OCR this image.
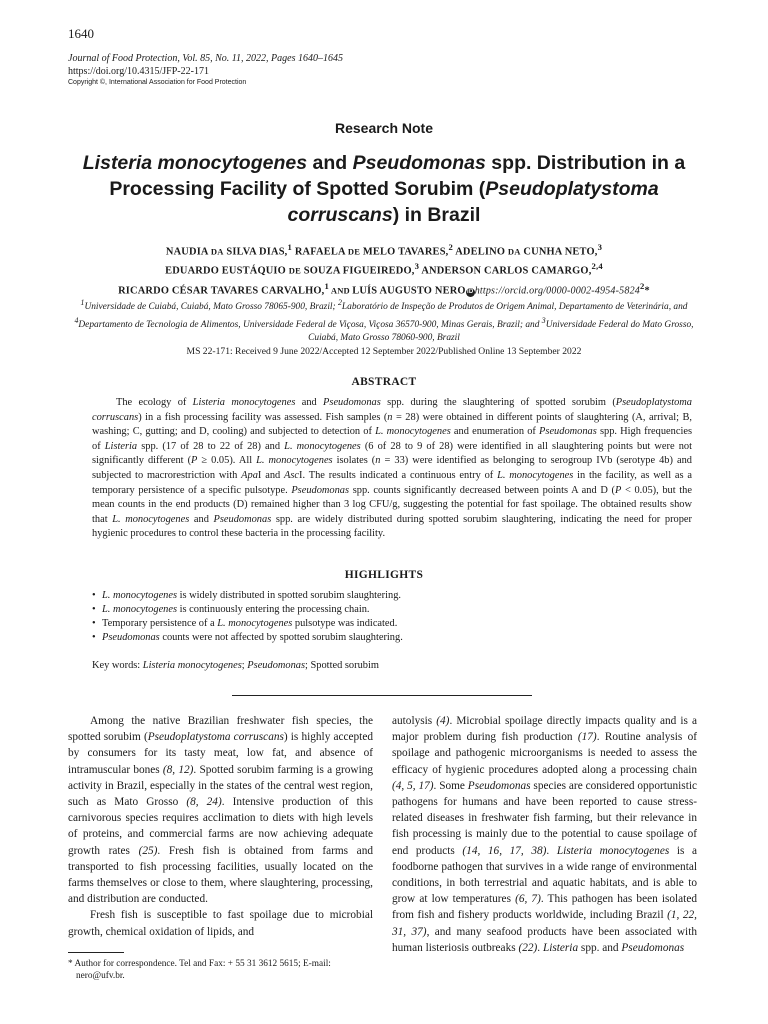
1640
Journal of Food Protection, Vol. 85, No. 11, 2022, Pages 1640–1645
https://doi.org/10.4315/JFP-22-171
Copyright ©, International Association for Food Protection
Research Note
Listeria monocytogenes and Pseudomonas spp. Distribution in a Processing Facility of Spotted Sorubim (Pseudoplatystoma corruscans) in Brazil
NAUDIA DA SILVA DIAS,$^1$ RAFAELA DE MELO TAVARES,$^2$ ADELINO DA CUNHA NETO,$^3$
EDUARDO EUSTÁQUIO DE SOUZA FIGUEIREDO,$^3$ ANDERSON CARLOS CAMARGO,$^{2,4}$
RICARDO CÉSAR TAVARES CARVALHO,$^1$ AND LUÍS AUGUSTO NEROiDhttps://orcid.org/0000-0002-4954-5824$^2$*
$^1$Universidade de Cuiabá, Cuiabá, Mato Grosso 78065-900, Brazil; $^2$Laboratório de Inspeção de Produtos de Origem Animal, Departamento de Veterinária, and $^4$Departamento de Tecnologia de Alimentos, Universidade Federal de Viçosa, Viçosa 36570-900, Minas Gerais, Brazil; and $^3$Universidade Federal do Mato Grosso, Cuiabá, Mato Grosso 78060-900, Brazil
MS 22-171: Received 9 June 2022/Accepted 12 September 2022/Published Online 13 September 2022
ABSTRACT

The ecology of Listeria monocytogenes and Pseudomonas spp. during the slaughtering of spotted sorubim (Pseudoplatystoma corruscans) in a fish processing facility was assessed. Fish samples (n = 28) were obtained in different points of slaughtering (A, arrival; B, washing; C, gutting; and D, cooling) and subjected to detection of L. monocytogenes and enumeration of Pseudomonas spp. High frequencies of Listeria spp. (17 of 28 to 22 of 28) and L. monocytogenes (6 of 28 to 9 of 28) were identified in all slaughtering points but were not significantly different (P ≥ 0.05). All L. monocytogenes isolates (n = 33) were identified as belonging to serogroup IVb (serotype 4b) and subjected to macrorestriction with ApaI and AscI. The results indicated a continuous entry of L. monocytogenes in the facility, as well as a temporary persistence of a specific pulsotype. Pseudomonas spp. counts significantly decreased between points A and D (P < 0.05), but the mean counts in the end products (D) remained higher than 3 log CFU/g, suggesting the potential for fast spoilage. The obtained results show that L. monocytogenes and Pseudomonas spp. are widely distributed during spotted sorubim slaughtering, indicating the need for proper hygienic procedures to control these bacteria in the processing facility.

HIGHLIGHTS
• L. monocytogenes is widely distributed in spotted sorubim slaughtering.
• L. monocytogenes is continuously entering the processing chain.
• Temporary persistence of a L. monocytogenes pulsotype was indicated.
• Pseudomonas counts were not affected by spotted sorubim slaughtering.
Key words: Listeria monocytogenes; Pseudomonas; Spotted sorubim

Among the native Brazilian freshwater fish species, the spotted sorubim (Pseudoplatystoma corruscans) is highly accepted by consumers for its tasty meat, low fat, and absence of intramuscular bones (8, 12). Spotted sorubim farming is a growing activity in Brazil, especially in the states of the central west region, such as Mato Grosso (8, 24). Intensive production of this carnivorous species requires acclimation to diets with high levels of proteins, and commercial farms are now achieving adequate growth rates (25). Fresh fish is obtained from farms and transported to fish processing facilities, usually located on the farms themselves or close to them, where slaughtering, processing, and distribution are conducted.

Fresh fish is susceptible to fast spoilage due to microbial growth, chemical oxidation of lipids, and

autolysis (4). Microbial spoilage directly impacts quality and is a major problem during fish production (17). Routine analysis of spoilage and pathogenic microorganisms is needed to assess the efficacy of hygienic procedures adopted along a processing chain (4, 5, 17). Some Pseudomonas species are considered opportunistic pathogens for humans and have been reported to cause stress-related diseases in freshwater fish farming, but their relevance in fish processing is mainly due to the potential to cause spoilage of end products (14, 16, 17, 38). Listeria monocytogenes is a foodborne pathogen that survives in a wide range of environmental conditions, in both terrestrial and aquatic habitats, and is able to grow at low temperatures (6, 7). This pathogen has been isolated from fish and fishery products worldwide, including Brazil (1, 22, 31, 37), and many seafood products have been associated with human listeriosis outbreaks (22). Listeria spp. and Pseudomonas

* Author for correspondence. Tel and Fax: + 55 31 3612 5615; E-mail:
nero@ufv.br.
